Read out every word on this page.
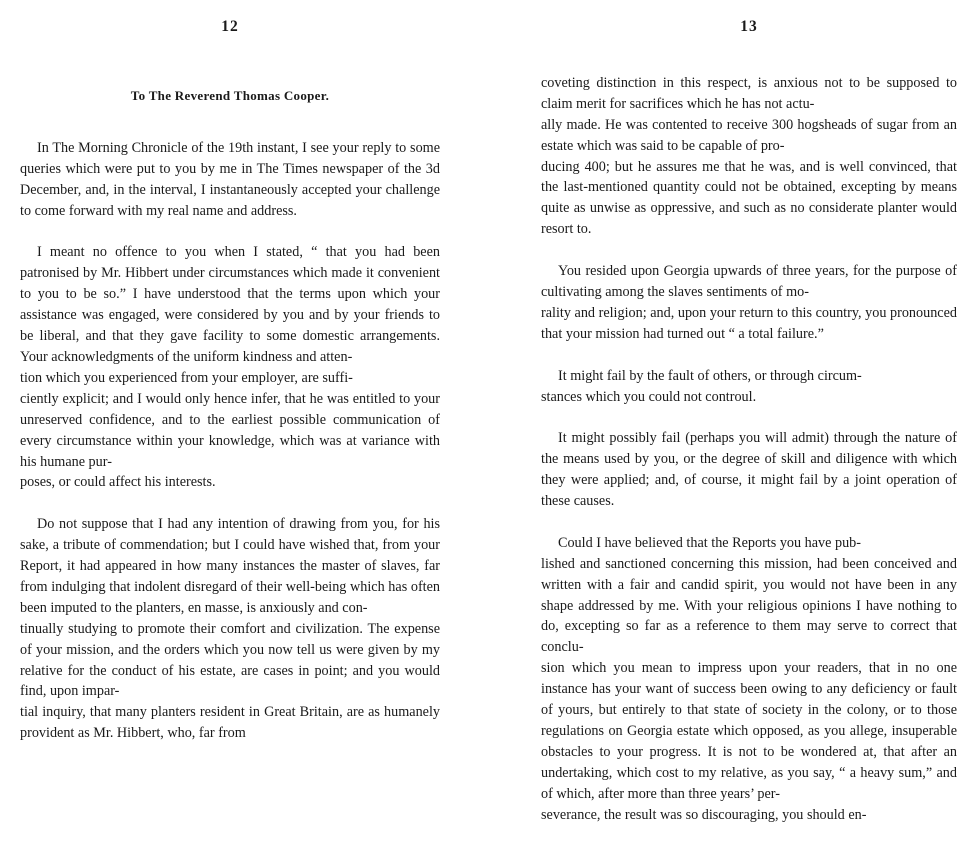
12
To The Reverend Thomas Cooper.

In The Morning Chronicle of the 19th instant, I see your reply to some queries which were put to you by me in The Times newspaper of the 3d December, and, in the interval, I instantaneously accepted your challenge to come forward with my real name and address.

I meant no offence to you when I stated, “ that you had been patronised by Mr. Hibbert under circumstances which made it convenient to you to be so.” I have understood that the terms upon which your assistance was engaged, were considered by you and by your friends to be liberal, and that they gave facility to some domestic arrangements. Your acknowledgments of the uniform kindness and atten-
tion which you experienced from your employer, are suffi-
ciently explicit; and I would only hence infer, that he was entitled to your unreserved confidence, and to the earliest possible communication of every circumstance within your knowledge, which was at variance with his humane pur-
poses, or could affect his interests.

Do not suppose that I had any intention of drawing from you, for his sake, a tribute of commendation; but I could have wished that, from your Report, it had appeared in how many instances the master of slaves, far from indulging that indolent disregard of their well-being which has often been imputed to the planters, en masse, is anxiously and con-
tinually studying to promote their comfort and civilization. The expense of your mission, and the orders which you now tell us were given by my relative for the conduct of his estate, are cases in point; and you would find, upon impar-
tial inquiry, that many planters resident in Great Britain, are as humanely provident as Mr. Hibbert, who, far from

13

coveting distinction in this respect, is anxious not to be supposed to claim merit for sacrifices which he has not actu-
ally made. He was contented to receive 300 hogsheads of sugar from an estate which was said to be capable of pro-
ducing 400; but he assures me that he was, and is well convinced, that the last-mentioned quantity could not be obtained, excepting by means quite as unwise as oppressive, and such as no considerate planter would resort to.

You resided upon Georgia upwards of three years, for the purpose of cultivating among the slaves sentiments of mo-
rality and religion; and, upon your return to this country, you pronounced that your mission had turned out “ a total failure.”

It might fail by the fault of others, or through circum-
stances which you could not controul.

It might possibly fail (perhaps you will admit) through the nature of the means used by you, or the degree of skill and diligence with which they were applied; and, of course, it might fail by a joint operation of these causes.

Could I have believed that the Reports you have pub-
lished and sanctioned concerning this mission, had been conceived and written with a fair and candid spirit, you would not have been in any shape addressed by me. With your religious opinions I have nothing to do, excepting so far as a reference to them may serve to correct that conclu-
sion which you mean to impress upon your readers, that in no one instance has your want of success been owing to any deficiency or fault of yours, but entirely to that state of society in the colony, or to those regulations on Georgia estate which opposed, as you allege, insuperable obstacles to your progress. It is not to be wondered at, that after an undertaking, which cost to my relative, as you say, “ a heavy sum,” and of which, after more than three years’ per-
severance, the result was so discouraging, you should en-
